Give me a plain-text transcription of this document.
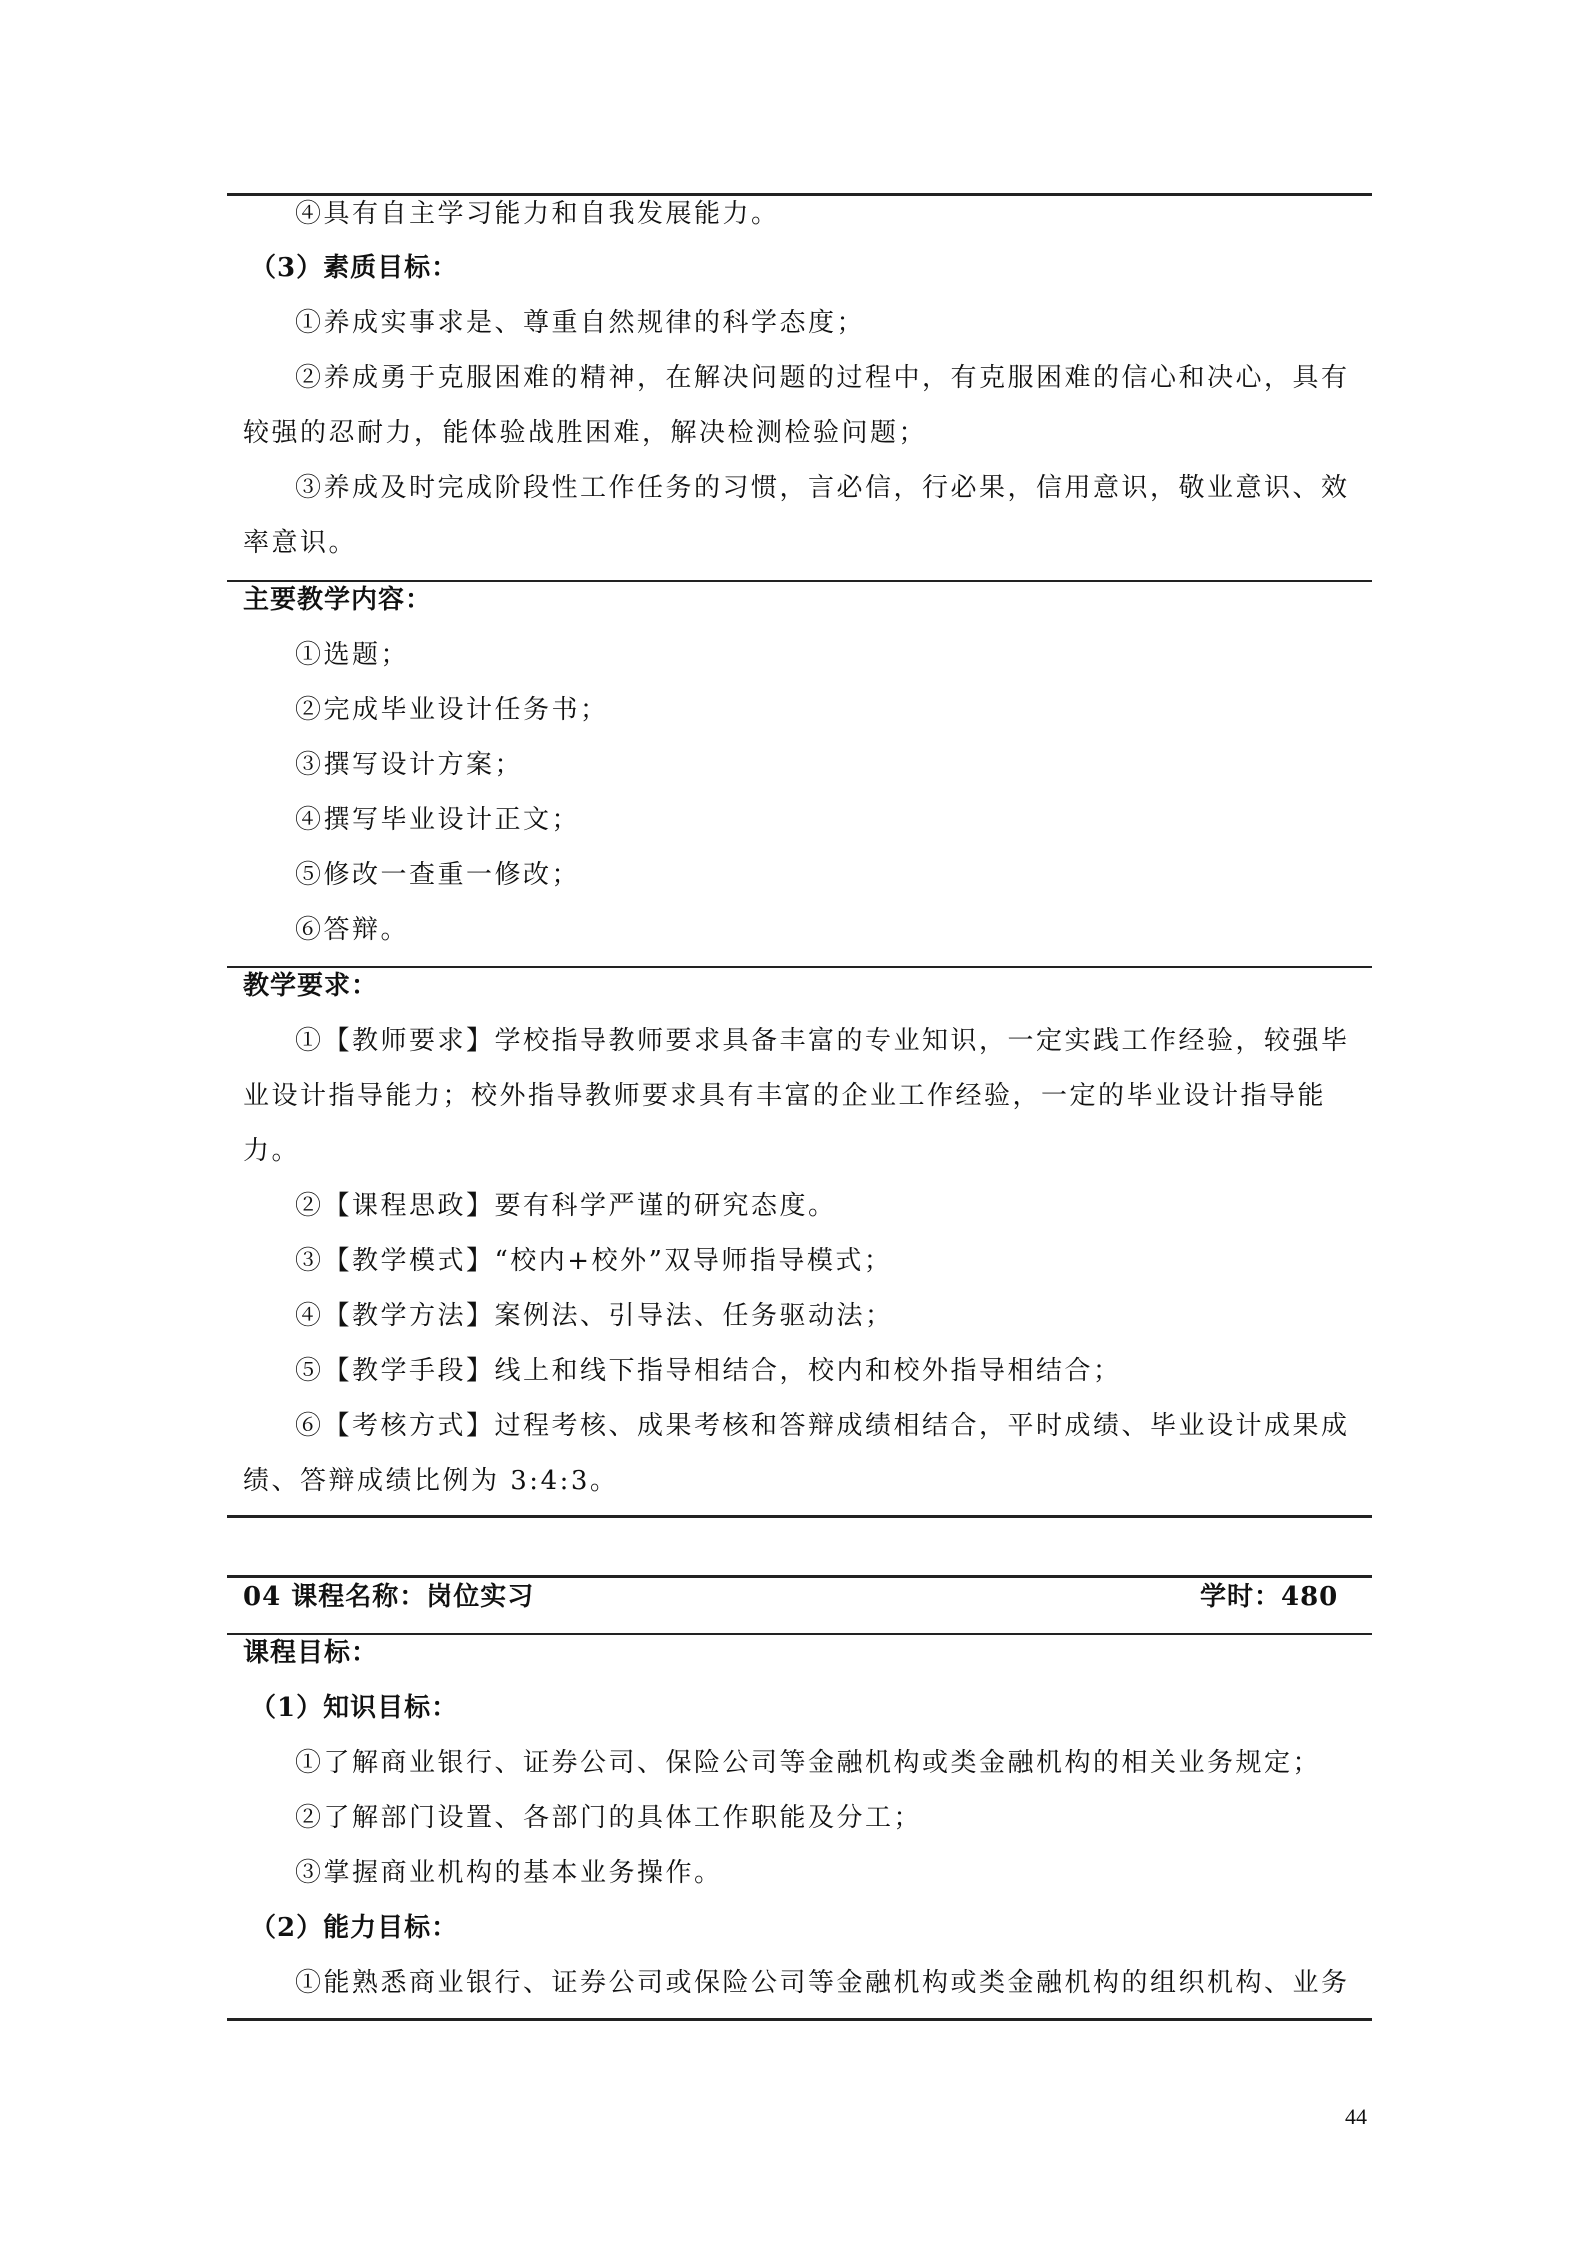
④具有自主学习能力和自我发展能力。
（3）素质目标：
①养成实事求是、尊重自然规律的科学态度；
②养成勇于克服困难的精神，在解决问题的过程中，有克服困难的信心和决心，具有
较强的忍耐力，能体验战胜困难，解决检测检验问题；
③养成及时完成阶段性工作任务的习惯，言必信，行必果，信用意识，敬业意识、效
率意识。
主要教学内容：
①选题；
②完成毕业设计任务书；
③撰写设计方案；
④撰写毕业设计正文；
⑤修改一查重一修改；
⑥答辩。
教学要求：
①【教师要求】学校指导教师要求具备丰富的专业知识，一定实践工作经验，较强毕
业设计指导能力；校外指导教师要求具有丰富的企业工作经验，一定的毕业设计指导能
力。
②【课程思政】要有科学严谨的研究态度。
③【教学模式】“校内+校外”双导师指导模式；
④【教学方法】案例法、引导法、任务驱动法；
⑤【教学手段】线上和线下指导相结合，校内和校外指导相结合；
⑥【考核方式】过程考核、成果考核和答辩成绩相结合，平时成绩、毕业设计成果成
绩、答辩成绩比例为 3:4:3。
04 课程名称：岗位实习	学时：480
课程目标：
（1）知识目标：
①了解商业银行、证券公司、保险公司等金融机构或类金融机构的相关业务规定；
②了解部门设置、各部门的具体工作职能及分工；
③掌握商业机构的基本业务操作。
（2）能力目标：
①能熟悉商业银行、证券公司或保险公司等金融机构或类金融机构的组织机构、业务
44
